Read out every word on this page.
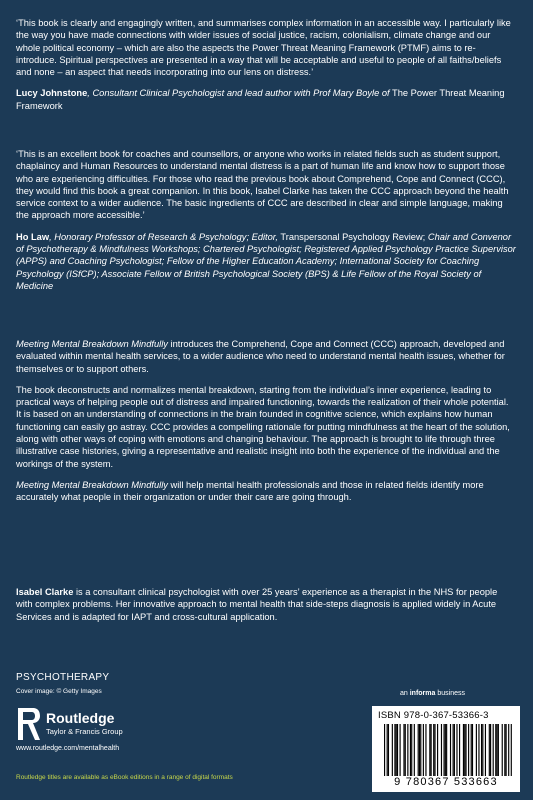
‘This book is clearly and engagingly written, and summarises complex information in an accessible way. I particularly like the way you have made connections with wider issues of social justice, racism, colonialism, climate change and our whole political economy – which are also the aspects the Power Threat Meaning Framework (PTMF) aims to re-introduce. Spiritual perspectives are presented in a way that will be acceptable and useful to people of all faiths/beliefs and none – an aspect that needs incorporating into our lens on distress.’

Lucy Johnstone, Consultant Clinical Psychologist and lead author with Prof Mary Boyle of The Power Threat Meaning Framework

‘This is an excellent book for coaches and counsellors, or anyone who works in related fields such as student support, chaplaincy and Human Resources to understand mental distress is a part of human life and know how to support those who are experiencing difficulties. For those who read the previous book about Comprehend, Cope and Connect (CCC), they would find this book a great companion. In this book, Isabel Clarke has taken the CCC approach beyond the health service context to a wider audience. The basic ingredients of CCC are described in clear and simple language, making the approach more accessible.’

Ho Law, Honorary Professor of Research & Psychology; Editor, Transpersonal Psychology Review; Chair and Convenor of Psychotherapy & Mindfulness Workshops; Chartered Psychologist; Registered Applied Psychology Practice Supervisor (APPS) and Coaching Psychologist; Fellow of the Higher Education Academy; International Society for Coaching Psychology (ISfCP); Associate Fellow of British Psychological Society (BPS) & Life Fellow of the Royal Society of Medicine

Meeting Mental Breakdown Mindfully introduces the Comprehend, Cope and Connect (CCC) approach, developed and evaluated within mental health services, to a wider audience who need to understand mental health issues, whether for themselves or to support others.

The book deconstructs and normalizes mental breakdown, starting from the individual’s inner experience, leading to practical ways of helping people out of distress and impaired functioning, towards the realization of their whole potential. It is based on an understanding of connections in the brain founded in cognitive science, which explains how human functioning can easily go astray. CCC provides a compelling rationale for putting mindfulness at the heart of the solution, along with other ways of coping with emotions and changing behaviour. The approach is brought to life through three illustrative case histories, giving a representative and realistic insight into both the experience of the individual and the workings of the system.

Meeting Mental Breakdown Mindfully will help mental health professionals and those in related fields identify more accurately what people in their organization or under their care are going through.

Isabel Clarke is a consultant clinical psychologist with over 25 years’ experience as a therapist in the NHS for people with complex problems. Her innovative approach to mental health that side-steps diagnosis is applied widely in Acute Services and is adapted for IAPT and cross-cultural application.

PSYCHOTHERAPY
Cover image: © Getty Images
Routledge
Taylor & Francis Group
www.routledge.com/mentalhealth
Routledge titles are available as eBook editions in a range of digital formats
an informa business
ISBN 978-0-367-53366-3
9 780367 533663
